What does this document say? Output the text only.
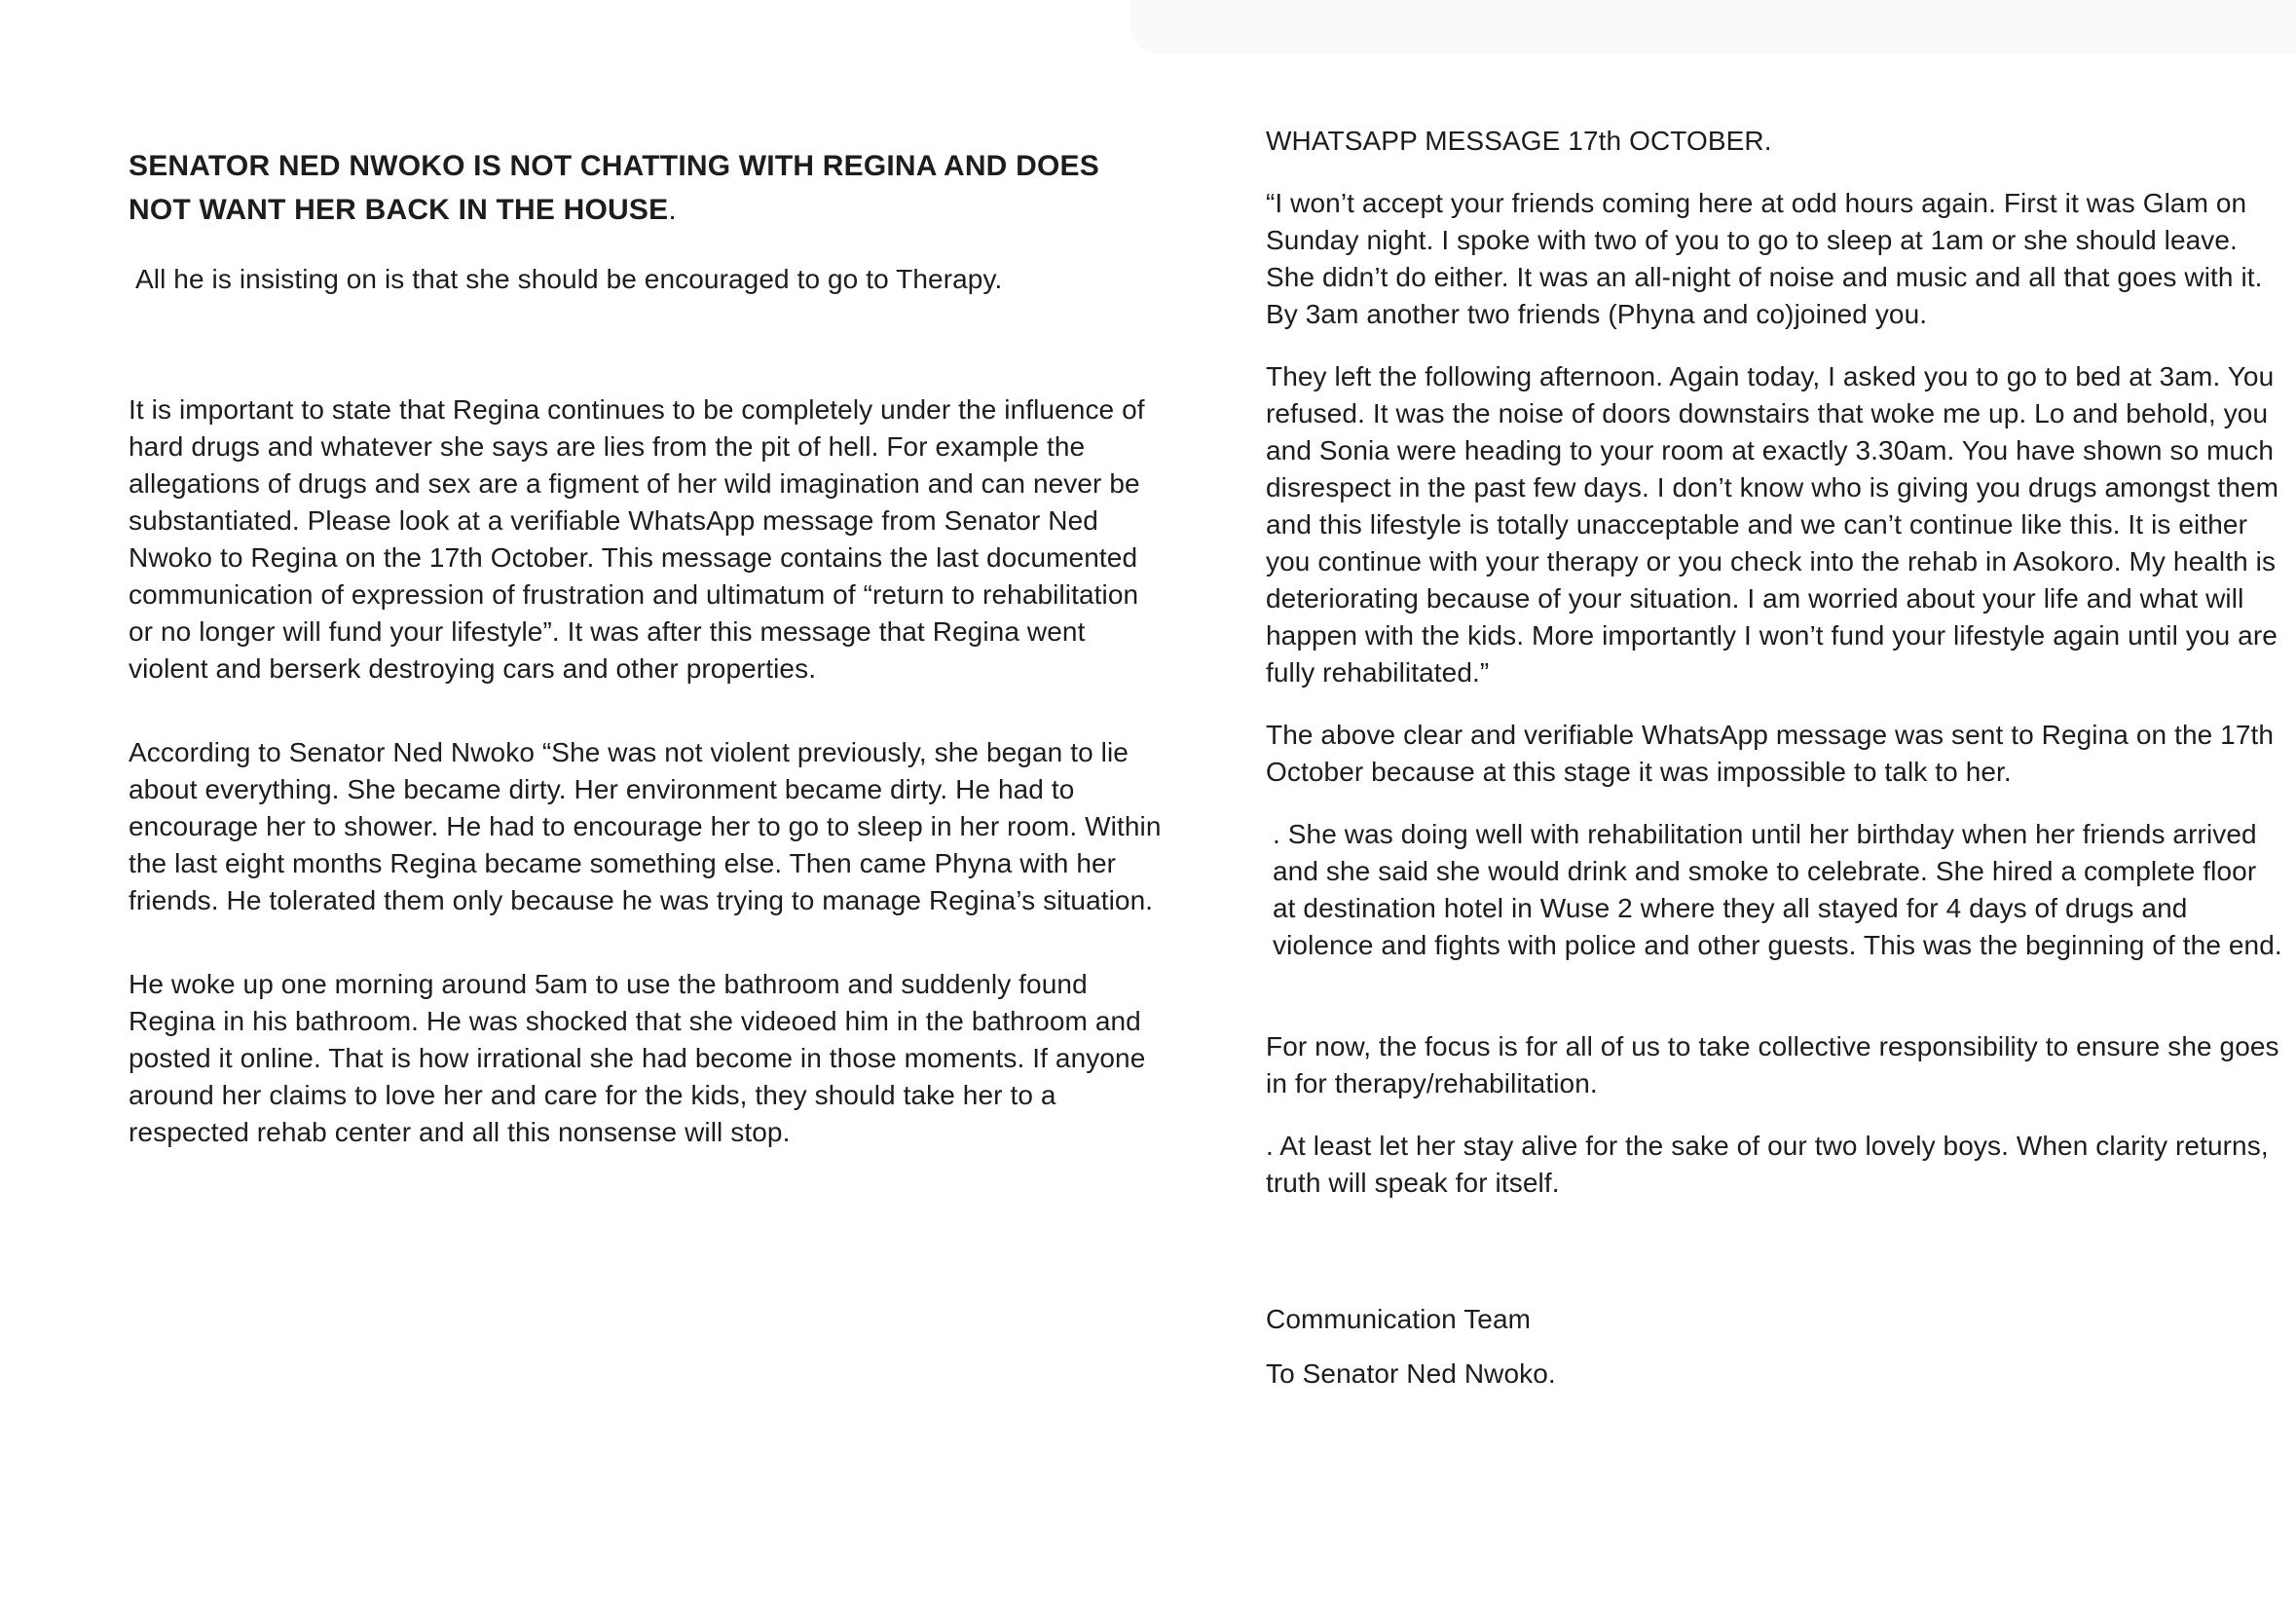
SENATOR NED NWOKO IS NOT CHATTING WITH REGINA AND DOES NOT WANT HER BACK IN THE HOUSE.

All he is insisting on is that she should be encouraged to go to Therapy.

It is important to state that Regina continues to be completely under the influence of hard drugs and whatever she says are lies from the pit of hell. For example the allegations of drugs and sex are a figment of her wild imagination and can never be substantiated. Please look at a verifiable WhatsApp message from Senator Ned Nwoko to Regina on the 17th October. This message contains the last documented communication of expression of frustration and ultimatum of “return to rehabilitation or no longer will fund your lifestyle”. It was after this message that Regina went violent and berserk destroying cars and other properties.

According to Senator Ned Nwoko “She was not violent previously, she began to lie about everything. She became dirty. Her environment became dirty. He had to encourage her to shower. He had to encourage her to go to sleep in her room. Within the last eight months Regina became something else. Then came Phyna with her friends. He tolerated them only because he was trying to manage Regina’s situation.

He woke up one morning around 5am to use the bathroom and suddenly found Regina in his bathroom. He was shocked that she videoed him in the bathroom and posted it online. That is how irrational she had become in those moments. If anyone around her claims to love her and care for the kids, they should take her to a respected rehab center and all this nonsense will stop.

WHATSAPP MESSAGE 17th OCTOBER.

“I won’t accept your friends coming here at odd hours again. First it was Glam on Sunday night. I spoke with two of you to go to sleep at 1am or she should leave. She didn’t do either. It was an all-night of noise and music and all that goes with it. By 3am another two friends (Phyna and co)joined you.

They left the following afternoon. Again today, I asked you to go to bed at 3am. You refused. It was the noise of doors downstairs that woke me up. Lo and behold, you and Sonia were heading to your room at exactly 3.30am. You have shown so much disrespect in the past few days. I don’t know who is giving you drugs amongst them and this lifestyle is totally unacceptable and we can’t continue like this. It is either you continue with your therapy or you check into the rehab in Asokoro. My health is deteriorating because of your situation. I am worried about your life and what will happen with the kids. More importantly I won’t fund your lifestyle again until you are fully rehabilitated.”

The above clear and verifiable WhatsApp message was sent to Regina on the 17th October because at this stage it was impossible to talk to her.

. She was doing well with rehabilitation until her birthday when her friends arrived and she said she would drink and smoke to celebrate. She hired a complete floor at destination hotel in Wuse 2 where they all stayed for 4 days of drugs and violence and fights with police and other guests. This was the beginning of the end.

For now, the focus is for all of us to take collective responsibility to ensure she goes in for therapy/rehabilitation.

. At least let her stay alive for the sake of our two lovely boys. When clarity returns, truth will speak for itself.

Communication Team

To Senator Ned Nwoko.
